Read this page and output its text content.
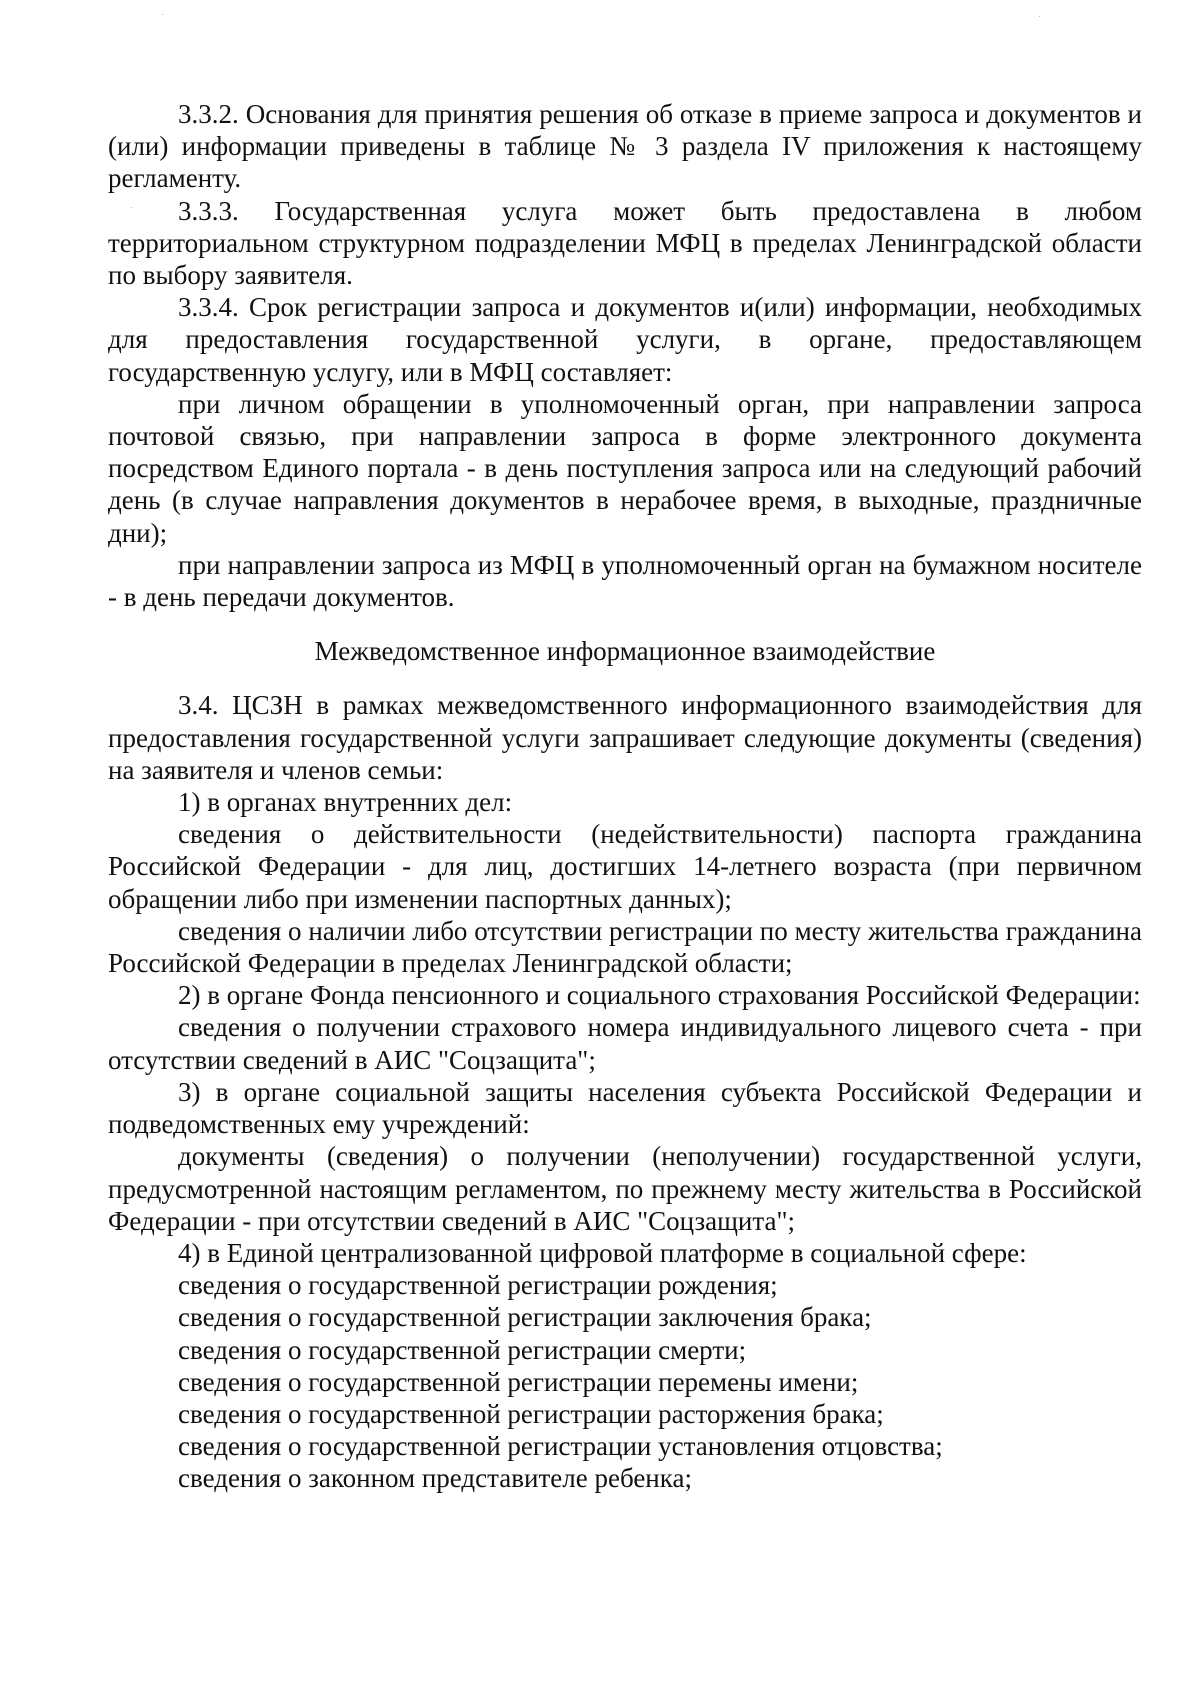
3.3.2. Основания для принятия решения об отказе в приеме запроса и документов и (или) информации приведены в таблице № 3 раздела IV приложения к настоящему регламенту.

3.3.3. Государственная услуга может быть предоставлена в любом территориальном структурном подразделении МФЦ в пределах Ленинградской области по выбору заявителя.

3.3.4. Срок регистрации запроса и документов и(или) информации, необходимых для предоставления государственной услуги, в органе, предоставляющем государственную услугу, или в МФЦ составляет:

при личном обращении в уполномоченный орган, при направлении запроса почтовой связью, при направлении запроса в форме электронного документа посредством Единого портала - в день поступления запроса или на следующий рабочий день (в случае направления документов в нерабочее время, в выходные, праздничные дни);

при направлении запроса из МФЦ в уполномоченный орган на бумажном носителе - в день передачи документов.

Межведомственное информационное взаимодействие

3.4. ЦСЗН в рамках межведомственного информационного взаимодействия для предоставления государственной услуги запрашивает следующие документы (сведения) на заявителя и членов семьи:

1) в органах внутренних дел:

сведения о действительности (недействительности) паспорта гражданина Российской Федерации - для лиц, достигших 14-летнего возраста (при первичном обращении либо при изменении паспортных данных);

сведения о наличии либо отсутствии регистрации по месту жительства гражданина Российской Федерации в пределах Ленинградской области;

2) в органе Фонда пенсионного и социального страхования Российской Федерации:

сведения о получении страхового номера индивидуального лицевого счета - при отсутствии сведений в АИС "Соцзащита";

3) в органе социальной защиты населения субъекта Российской Федерации и подведомственных ему учреждений:

документы (сведения) о получении (неполучении) государственной услуги, предусмотренной настоящим регламентом, по прежнему месту жительства в Российской Федерации - при отсутствии сведений в АИС "Соцзащита";

4) в Единой централизованной цифровой платформе в социальной сфере:

сведения о государственной регистрации рождения;

сведения о государственной регистрации заключения брака;

сведения о государственной регистрации смерти;

сведения о государственной регистрации перемены имени;

сведения о государственной регистрации расторжения брака;

сведения о государственной регистрации установления отцовства;

сведения о законном представителе ребенка;
